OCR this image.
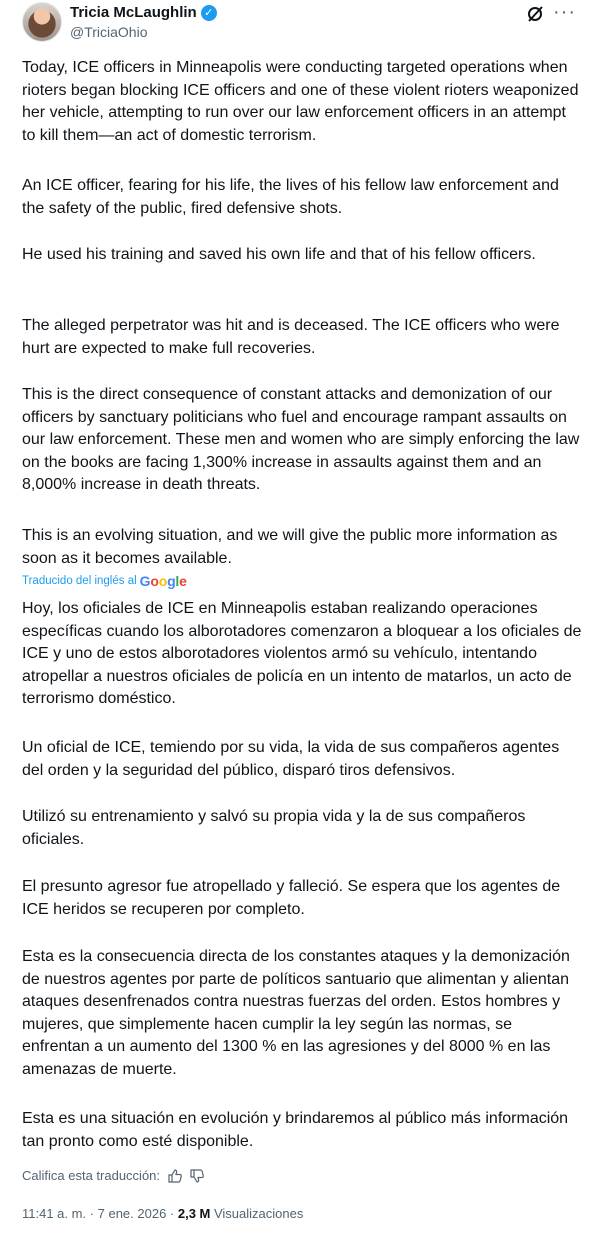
Tricia McLaughlin ✓
@TriciaOhio
···

Today, ICE officers in Minneapolis were conducting targeted operations when rioters began blocking ICE officers and one of these violent rioters weaponized her vehicle, attempting to run over our law enforcement officers in an attempt to kill them—an act of domestic terrorism.

An ICE officer, fearing for his life, the lives of his fellow law enforcement and the safety of the public, fired defensive shots.

He used his training and saved his own life and that of his fellow officers.

The alleged perpetrator was hit and is deceased. The ICE officers who were hurt are expected to make full recoveries.

This is the direct consequence of constant attacks and demonization of our officers by sanctuary politicians who fuel and encourage rampant assaults on our law enforcement. These men and women who are simply enforcing the law on the books are facing 1,300% increase in assaults against them and an 8,000% increase in death threats.

This is an evolving situation, and we will give the public more information as soon as it becomes available.

Traducido del inglés al Google

Hoy, los oficiales de ICE en Minneapolis estaban realizando operaciones específicas cuando los alborotadores comenzaron a bloquear a los oficiales de ICE y uno de estos alborotadores violentos armó su vehículo, intentando atropellar a nuestros oficiales de policía en un intento de matarlos, un acto de terrorismo doméstico.

Un oficial de ICE, temiendo por su vida, la vida de sus compañeros agentes del orden y la seguridad del público, disparó tiros defensivos.

Utilizó su entrenamiento y salvó su propia vida y la de sus compañeros oficiales.

El presunto agresor fue atropellado y falleció. Se espera que los agentes de ICE heridos se recuperen por completo.

Esta es la consecuencia directa de los constantes ataques y la demonización de nuestros agentes por parte de políticos santuario que alimentan y alientan ataques desenfrenados contra nuestras fuerzas del orden. Estos hombres y mujeres, que simplemente hacen cumplir la ley según las normas, se enfrentan a un aumento del 1300 % en las agresiones y del 8000 % en las amenazas de muerte.

Esta es una situación en evolución y brindaremos al público más información tan pronto como esté disponible.

Califica esta traducción:
11:41 a. m. · 7 ene. 2026 · 2,3 M Visualizaciones
